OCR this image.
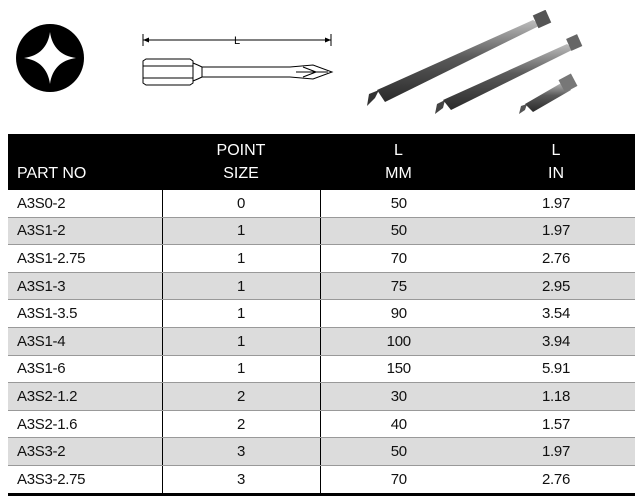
L
	POINT	L	L
PART NO	SIZE	MM	IN
A3S0-2	0	50	1.97
A3S1-2	1	50	1.97
A3S1-2.75	1	70	2.76
A3S1-3	1	75	2.95
A3S1-3.5	1	90	3.54
A3S1-4	1	100	3.94
A3S1-6	1	150	5.91
A3S2-1.2	2	30	1.18
A3S2-1.6	2	40	1.57
A3S3-2	3	50	1.97
A3S3-2.75	3	70	2.76
